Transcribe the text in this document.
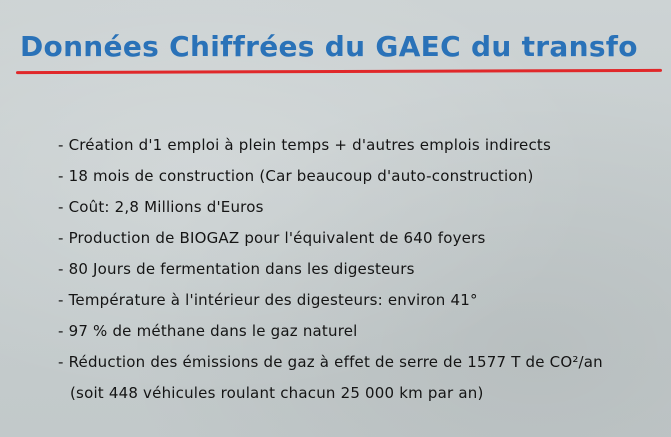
Données Chiffrées du GAEC du transfo
- Création d'1 emploi à plein temps + d'autres emplois indirects
- 18 mois de construction (Car beaucoup d'auto-construction)
- Coût: 2,8 Millions d'Euros
- Production de BIOGAZ pour l'équivalent de 640 foyers
- 80 Jours de fermentation dans les digesteurs
- Température à l'intérieur des digesteurs: environ 41°
- 97 % de méthane dans le gaz naturel
- Réduction des émissions de gaz à effet de serre de 1577 T de CO²/an
(soit 448 véhicules roulant chacun 25 000 km par an)
